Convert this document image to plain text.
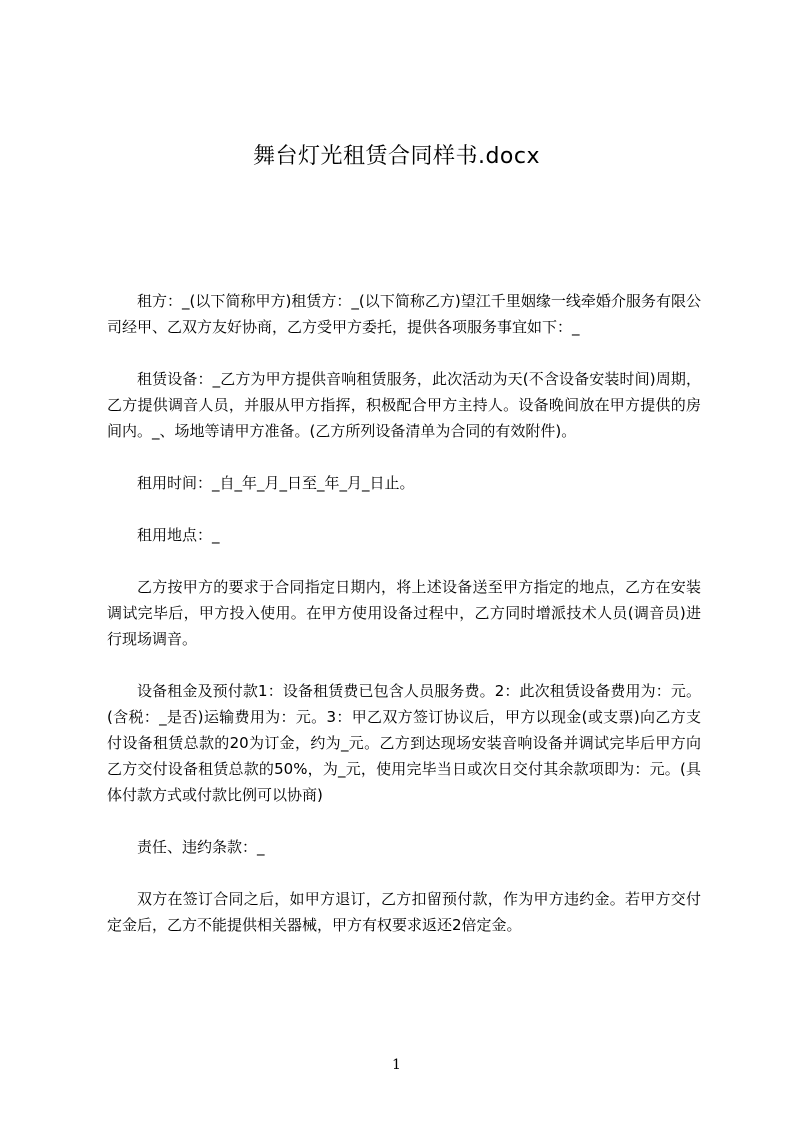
舞台灯光租赁合同样书.docx

租方：_(以下简称甲方)租赁方：_(以下简称乙方)望江千里姻缘一线牵婚介服务有限公司经甲、乙双方友好协商，乙方受甲方委托，提供各项服务事宜如下：_

租赁设备：_乙方为甲方提供音响租赁服务，此次活动为天(不含设备安装时间)周期，乙方提供调音人员，并服从甲方指挥，积极配合甲方主持人。设备晚间放在甲方提供的房间内。_、场地等请甲方准备。(乙方所列设备清单为合同的有效附件)。

租用时间：_自_年_月_日至_年_月_日止。

租用地点：_

乙方按甲方的要求于合同指定日期内，将上述设备送至甲方指定的地点，乙方在安装调试完毕后，甲方投入使用。在甲方使用设备过程中，乙方同时增派技术人员(调音员)进行现场调音。

设备租金及预付款1：设备租赁费已包含人员服务费。2：此次租赁设备费用为：元。(含税：_是否)运输费用为：元。3：甲乙双方签订协议后，甲方以现金(或支票)向乙方支付设备租赁总款的20为订金，约为_元。乙方到达现场安装音响设备并调试完毕后甲方向乙方交付设备租赁总款的50%，为_元，使用完毕当日或次日交付其余款项即为：元。(具体付款方式或付款比例可以协商)

责任、违约条款：_

双方在签订合同之后，如甲方退订，乙方扣留预付款，作为甲方违约金。若甲方交付定金后，乙方不能提供相关器械，甲方有权要求返还2倍定金。

1
